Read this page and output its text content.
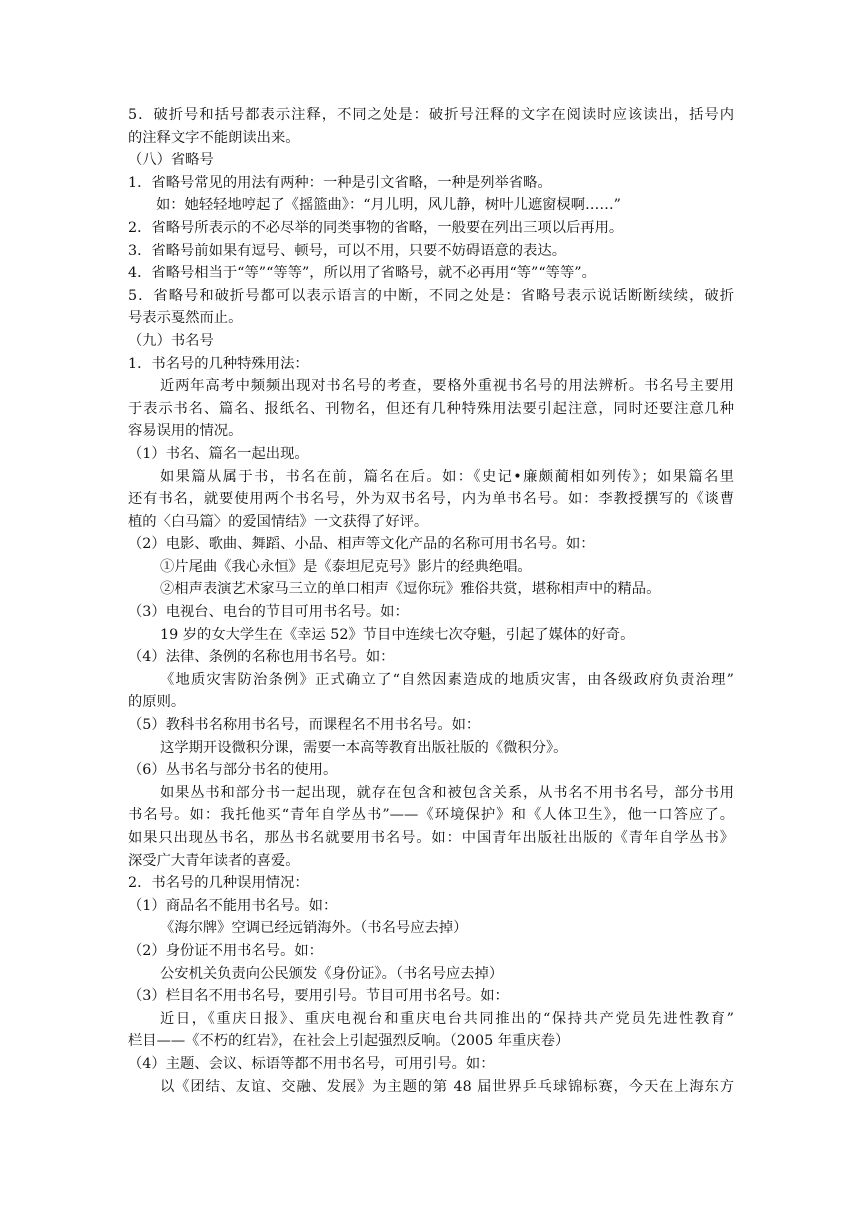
5．破折号和括号都表示注释，不同之处是：破折号汪释的文字在阅读时应该读出，括号内

的注释文字不能朗读出来。

（八）省略号

1．省略号常见的用法有两种：一种是引文省略，一种是列举省略。

如：她轻轻地哼起了《摇篮曲》：“月儿明，风儿静，树叶儿遮窗棂啊……”

2．省略号所表示的不必尽举的同类事物的省略，一般要在列出三项以后再用。

3．省略号前如果有逗号、顿号，可以不用，只要不妨碍语意的表达。

4．省略号相当于“等”“等等”，所以用了省略号，就不必再用“等”“等等”。

5．省略号和破折号都可以表示语言的中断，不同之处是：省略号表示说话断断续续，破折

号表示戛然而止。

（九）书名号

1．书名号的几种特殊用法：

近两年高考中频频出现对书名号的考查，要格外重视书名号的用法辨析。书名号主要用

于表示书名、篇名、报纸名、刊物名，但还有几种特殊用法要引起注意，同时还要注意几种

容易误用的情况。

（1）书名、篇名一起出现。

如果篇从属于书，书名在前，篇名在后。如：《史记•廉颇蔺相如列传》；如果篇名里

还有书名，就要使用两个书名号，外为双书名号，内为单书名号。如：李教授撰写的《谈曹

植的〈白马篇〉的爱国情结》一文获得了好评。

（2）电影、歌曲、舞蹈、小品、相声等文化产品的名称可用书名号。如：

①片尾曲《我心永恒》是《泰坦尼克号》影片的经典绝唱。

②相声表演艺术家马三立的单口相声《逗你玩》雅俗共赏，堪称相声中的精品。

（3）电视台、电台的节目可用书名号。如：

19 岁的女大学生在《幸运 52》节目中连续七次夺魁，引起了媒体的好奇。

（4）法律、条例的名称也用书名号。如：

《地质灾害防治条例》正式确立了“自然因素造成的地质灾害，由各级政府负责治理”

的原则。

（5）教科书名称用书名号，而课程名不用书名号。如：

这学期开设微积分课，需要一本高等教育出版社版的《微积分》。

（6）丛书名与部分书名的使用。

如果丛书和部分书一起出现，就存在包含和被包含关系，从书名不用书名号，部分书用

书名号。如：我托他买“青年自学丛书”——《环境保护》和《人体卫生》，他一口答应了。

如果只出现丛书名，那丛书名就要用书名号。如：中国青年出版社出版的《青年自学丛书》

深受广大青年读者的喜爱。

2．书名号的几种误用情况：

（1）商品名不能用书名号。如：

《海尔牌》空调已经远销海外。（书名号应去掉）

（2）身份证不用书名号。如：

公安机关负责向公民颁发《身份证》。（书名号应去掉）

（3）栏目名不用书名号，要用引号。节目可用书名号。如：

近日，《重庆日报》、重庆电视台和重庆电台共同推出的“保持共产党员先进性教育”

栏目——《不朽的红岩》，在社会上引起强烈反响。（2005 年重庆卷）

（4）主题、会议、标语等都不用书名号，可用引号。如：

以《团结、友谊、交融、发展》为主题的第 48 届世界乒乓球锦标赛，今天在上海东方
